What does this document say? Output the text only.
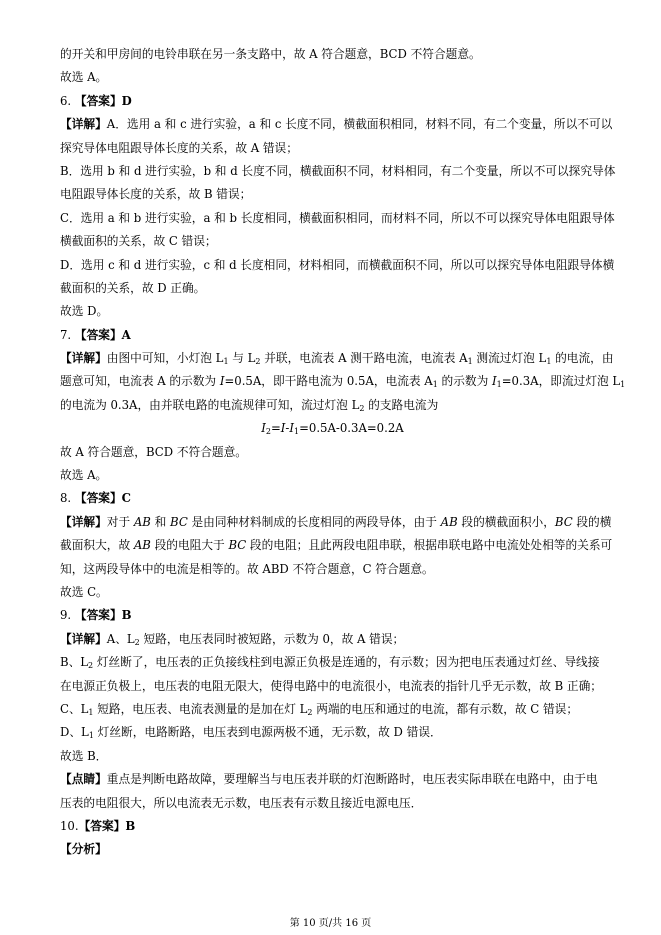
的开关和甲房间的电铃串联在另一条支路中，故 A 符合题意，BCD 不符合题意。
故选 A。
6. 【答案】D
【详解】A．选用 a 和 c 进行实验，a 和 c 长度不同，横截面积相同，材料不同，有二个变量，所以不可以
探究导体电阻跟导体长度的关系，故 A 错误；
B．选用 b 和 d 进行实验，b 和 d 长度不同，横截面积不同，材料相同，有二个变量，所以不可以探究导体
电阻跟导体长度的关系，故 B 错误；
C．选用 a 和 b 进行实验，a 和 b 长度相同，横截面积相同，而材料不同，所以不可以探究导体电阻跟导体
横截面积的关系，故 C 错误；
D．选用 c 和 d 进行实验，c 和 d 长度相同，材料相同，而横截面积不同，所以可以探究导体电阻跟导体横
截面积的关系，故 D 正确。
故选 D。
7. 【答案】A
【详解】由图中可知，小灯泡 $L_1$ 与 $L_2$ 并联，电流表 A 测干路电流，电流表 $A_1$ 测流过灯泡 $L_1$ 的电流，由
题意可知，电流表 A 的示数为 I=0.5A，即干路电流为 0.5A，电流表 $A_1$ 的示数为 $I_1=0.3A$，即流过灯泡 $L_1$
的电流为 0.3A，由并联电路的电流规律可知，流过灯泡 $L_2$ 的支路电流为
$I_2=I-I_1=0.5A-0.3A=0.2A$
故 A 符合题意，BCD 不符合题意。
故选 A。
8. 【答案】C
【详解】对于 AB 和 BC 是由同种材料制成的长度相同的两段导体，由于 AB 段的横截面积小，BC 段的横
截面积大，故 AB 段的电阻大于 BC 段的电阻；且此两段电阻串联，根据串联电路中电流处处相等的关系可
知，这两段导体中的电流是相等的。故 ABD 不符合题意，C 符合题意。
故选 C。
9. 【答案】B
【详解】A、$L_2$ 短路，电压表同时被短路，示数为 0，故 A 错误；
B、$L_2$ 灯丝断了，电压表的正负接线柱到电源正负极是连通的，有示数；因为把电压表通过灯丝、导线接
在电源正负极上，电压表的电阻无限大，使得电路中的电流很小，电流表的指针几乎无示数，故 B 正确；
C、$L_1$ 短路，电压表、电流表测量的是加在灯 $L_2$ 两端的电压和通过的电流，都有示数，故 C 错误；
D、$L_1$ 灯丝断，电路断路，电压表到电源两极不通，无示数，故 D 错误．
故选 B．
【点睛】重点是判断电路故障，要理解当与电压表并联的灯泡断路时，电压表实际串联在电路中，由于电
压表的电阻很大，所以电流表无示数，电压表有示数且接近电源电压．
10.【答案】B
【分析】
第 10 页/共 16 页
